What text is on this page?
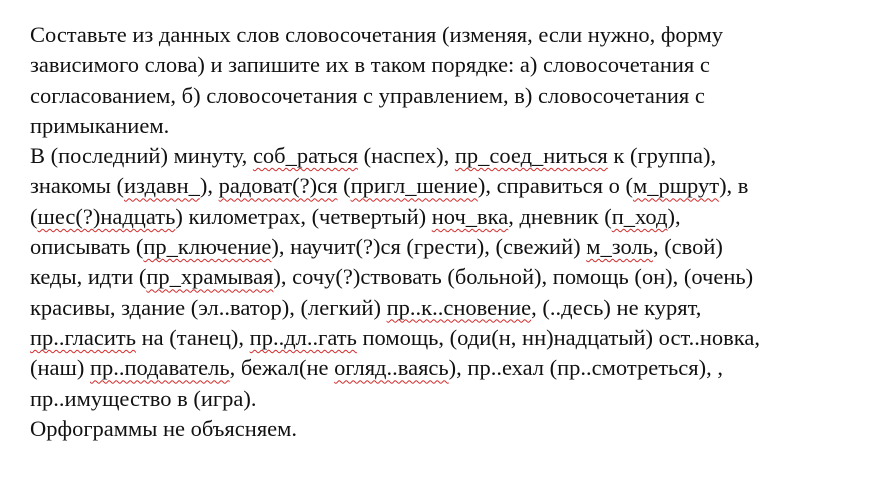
Составьте из данных слов словосочетания (изменяя, если нужно, форму
зависимого слова) и запишите их в таком порядке: а) словосочетания с
согласованием, б) словосочетания с управлением, в) словосочетания с
примыканием.

В (последний) минуту, соб_раться (наспех), пр_соед_ниться к (группа),
знакомы (издавн_), радоват(?)ся (пригл_шение), справиться о (м_ршрут), в
(шес(?)надцать) километрах, (четвертый) ноч_вка, дневник (п_ход),
описывать (пр_ключение), научит(?)ся (грести), (свежий) м_золь, (свой)
кеды, идти (пр_храмывая), сочу(?)ствовать (больной), помощь (он), (очень)
красивы, здание (эл..ватор), (легкий) пр..к..сновение, (..десь) не курят,
пр..гласить на (танец), пр..дл..гать помощь, (оди(н, нн)надцатый) ост..новка,
(наш) пр..подаватель, бежал(не огляд..ваясь), пр..ехал (пр..смотреться), ,
пр..имущество в (игра).

Орфограммы не объясняем.
